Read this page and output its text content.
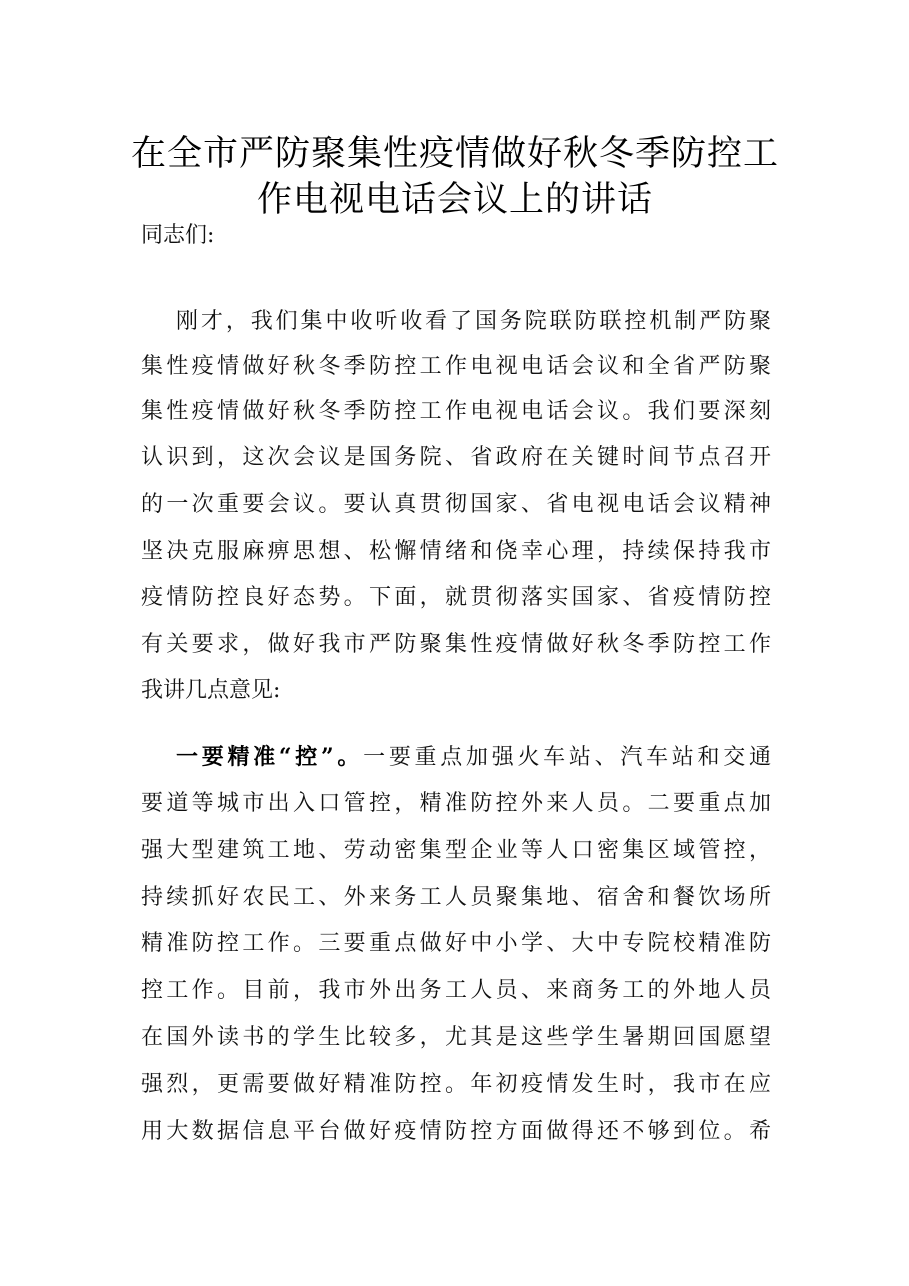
在全市严防聚集性疫情做好秋冬季防控工
作电视电话会议上的讲话
同志们:
刚才，我们集中收听收看了国务院联防联控机制严防聚
集性疫情做好秋冬季防控工作电视电话会议和全省严防聚
集性疫情做好秋冬季防控工作电视电话会议。我们要深刻
认识到，这次会议是国务院、省政府在关键时间节点召开
的一次重要会议。要认真贯彻国家、省电视电话会议精神
坚决克服麻痹思想、松懈情绪和侥幸心理，持续保持我市
疫情防控良好态势。下面，就贯彻落实国家、省疫情防控
有关要求，做好我市严防聚集性疫情做好秋冬季防控工作
我讲几点意见:
一要精准“控”。一要重点加强火车站、汽车站和交通
要道等城市出入口管控，精准防控外来人员。二要重点加
强大型建筑工地、劳动密集型企业等人口密集区域管控，
持续抓好农民工、外来务工人员聚集地、宿舍和餐饮场所
精准防控工作。三要重点做好中小学、大中专院校精准防
控工作。目前，我市外出务工人员、来商务工的外地人员
在国外读书的学生比较多，尤其是这些学生暑期回国愿望
强烈，更需要做好精准防控。年初疫情发生时，我市在应
用大数据信息平台做好疫情防控方面做得还不够到位。希
